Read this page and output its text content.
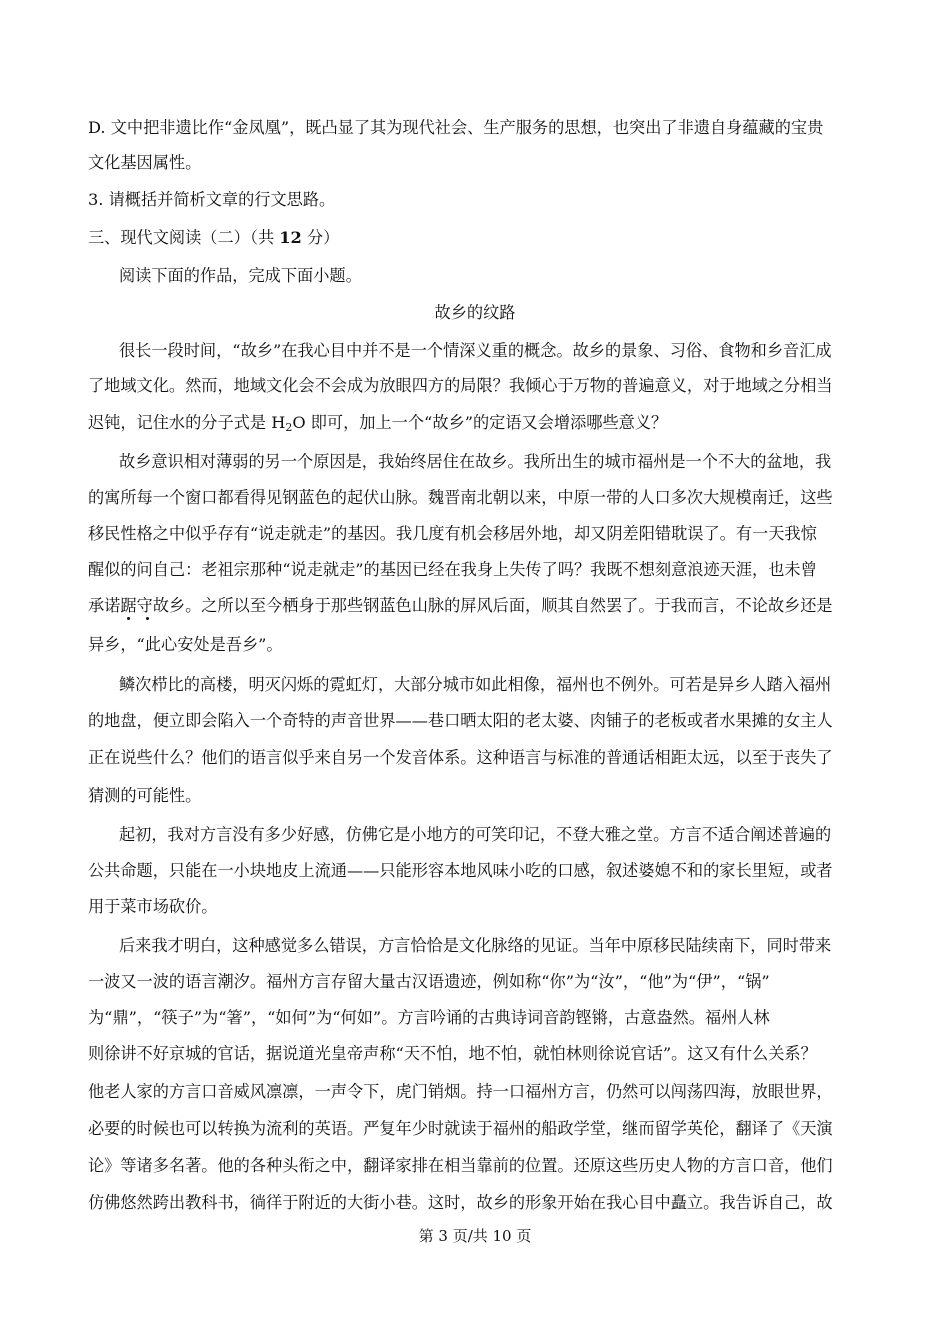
D. 文中把非遗比作“金凤凰”，既凸显了其为现代社会、生产服务的思想，也突出了非遗自身蕴藏的宝贵
文化基因属性。
3. 请概括并简析文章的行文思路。
三、现代文阅读（二）（共 12 分）
阅读下面的作品，完成下面小题。
故乡的纹路
很长一段时间，“故乡”在我心目中并不是一个情深义重的概念。故乡的景象、习俗、食物和乡音汇成
了地域文化。然而，地域文化会不会成为放眼四方的局限？我倾心于万物的普遍意义，对于地域之分相当
迟钝，记住水的分子式是 $H_2O$ 即可，加上一个“故乡”的定语又会增添哪些意义？
故乡意识相对薄弱的另一个原因是，我始终居住在故乡。我所出生的城市福州是一个不大的盆地，我
的寓所每一个窗口都看得见钢蓝色的起伏山脉。魏晋南北朝以来，中原一带的人口多次大规模南迁，这些
移民性格之中似乎存有“说走就走”的基因。我几度有机会移居外地，却又阴差阳错耽误了。有一天我惊
醒似的问自己：老祖宗那种“说走就走”的基因已经在我身上失传了吗？我既不想刻意浪迹天涯，也未曾
承诺踞守故乡。之所以至今栖身于那些钢蓝色山脉的屏风后面，顺其自然罢了。于我而言，不论故乡还是
异乡，“此心安处是吾乡”。
鳞次栉比的高楼，明灭闪烁的霓虹灯，大部分城市如此相像，福州也不例外。可若是异乡人踏入福州
的地盘，便立即会陷入一个奇特的声音世界——巷口晒太阳的老太婆、肉铺子的老板或者水果摊的女主人
正在说些什么？他们的语言似乎来自另一个发音体系。这种语言与标准的普通话相距太远，以至于丧失了
猜测的可能性。
起初，我对方言没有多少好感，仿佛它是小地方的可笑印记，不登大雅之堂。方言不适合阐述普遍的
公共命题，只能在一小块地皮上流通——只能形容本地风味小吃的口感，叙述婆媳不和的家长里短，或者
用于菜市场砍价。
后来我才明白，这种感觉多么错误，方言恰恰是文化脉络的见证。当年中原移民陆续南下，同时带来
一波又一波的语言潮汐。福州方言存留大量古汉语遗迹，例如称“你”为“汝”，“他”为“伊”，“锅”
为“鼎”，“筷子”为“箸”，“如何”为“何如”。方言吟诵的古典诗词音韵铿锵，古意盎然。福州人林
则徐讲不好京城的官话，据说道光皇帝声称“天不怕，地不怕，就怕林则徐说官话”。这又有什么关系？
他老人家的方言口音威风凛凛，一声令下，虎门销烟。持一口福州方言，仍然可以闯荡四海，放眼世界，
必要的时候也可以转换为流利的英语。严复年少时就读于福州的船政学堂，继而留学英伦，翻译了《天演
论》等诸多名著。他的各种头衔之中，翻译家排在相当靠前的位置。还原这些历史人物的方言口音，他们
仿佛悠然跨出教科书，徜徉于附近的大街小巷。这时，故乡的形象开始在我心目中矗立。我告诉自己，故
第 3 页/共 10 页
